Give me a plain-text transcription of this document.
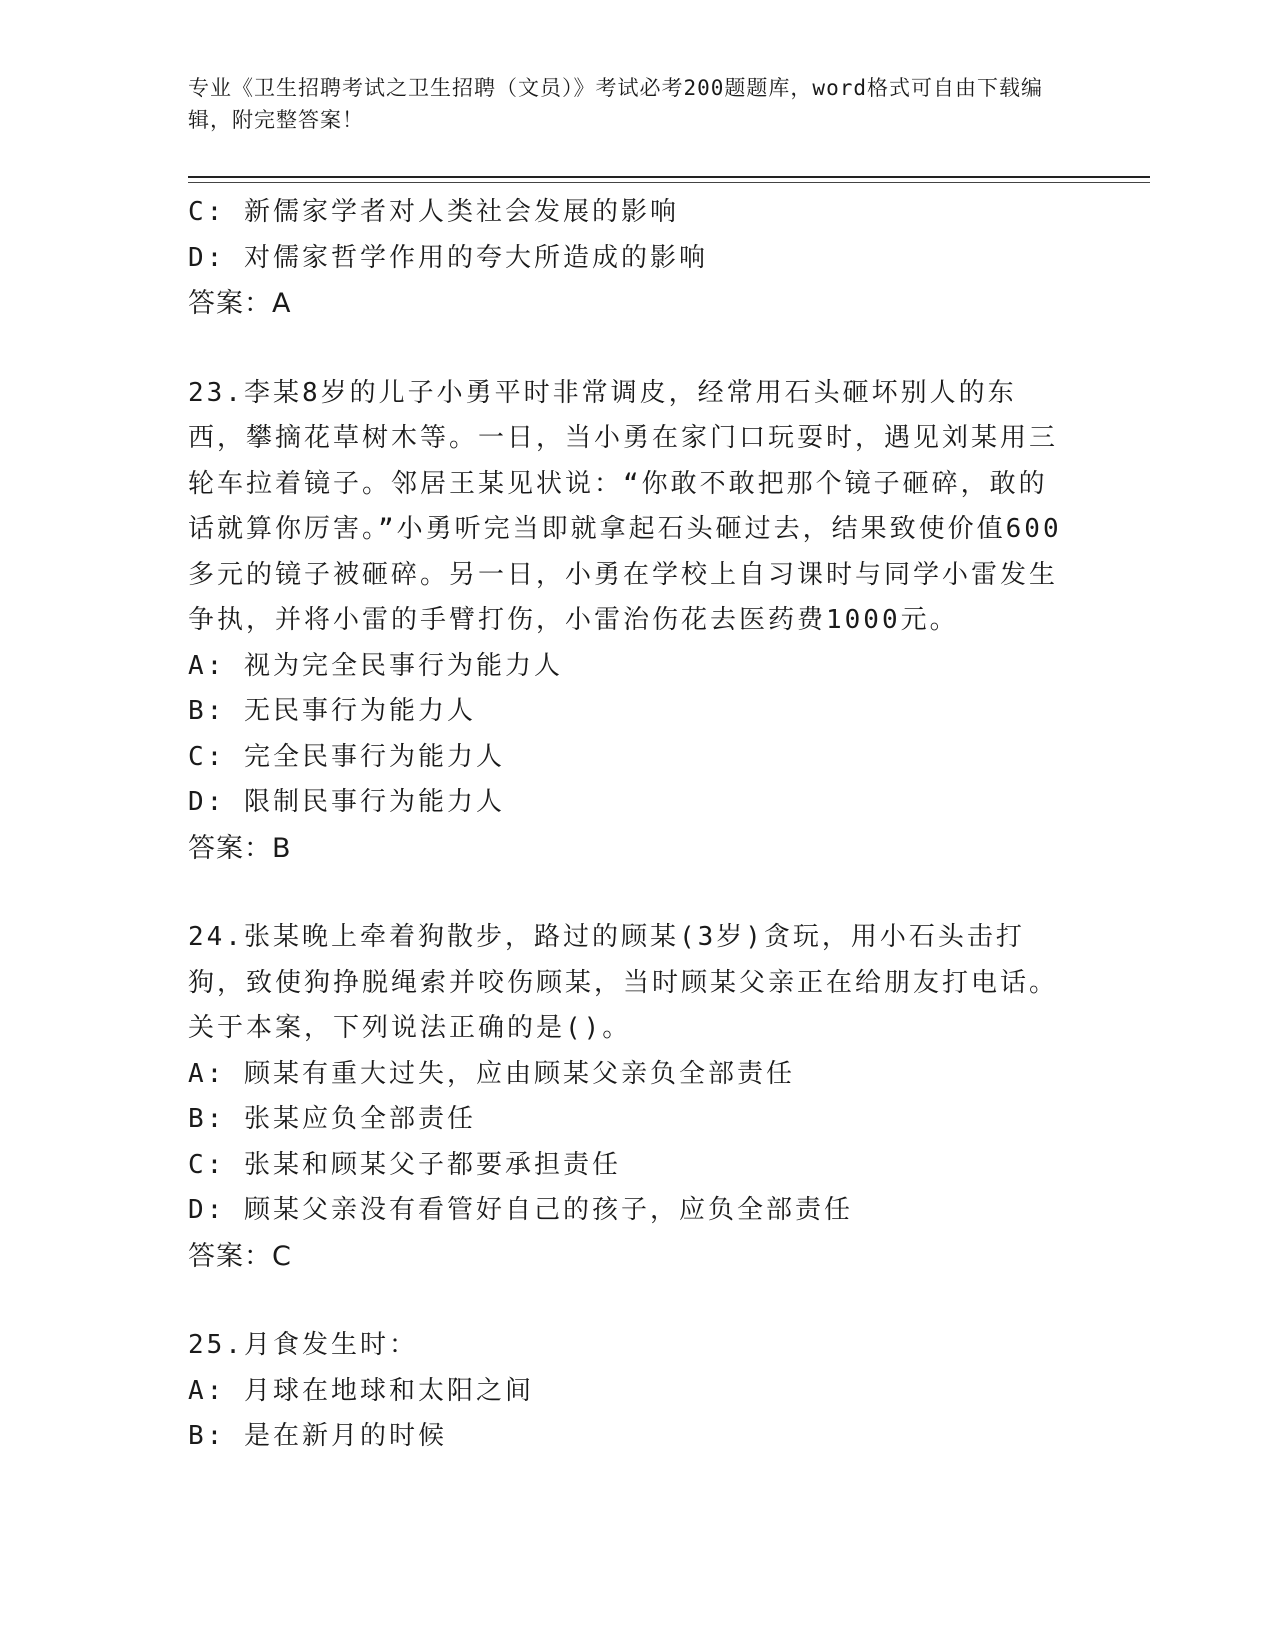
专业《卫生招聘考试之卫生招聘（文员）》考试必考200题题库，word格式可自由下载编辑，附完整答案！
C: 新儒家学者对人类社会发展的影响
D: 对儒家哲学作用的夸大所造成的影响
答案：A
23.李某8岁的儿子小勇平时非常调皮，经常用石头砸坏别人的东西，攀摘花草树木等。一日，当小勇在家门口玩耍时，遇见刘某用三轮车拉着镜子。邻居王某见状说：“你敢不敢把那个镜子砸碎，敢的话就算你厉害。”小勇听完当即就拿起石头砸过去，结果致使价值600多元的镜子被砸碎。另一日，小勇在学校上自习课时与同学小雷发生争执，并将小雷的手臂打伤，小雷治伤花去医药费1000元。
A: 视为完全民事行为能力人
B: 无民事行为能力人
C: 完全民事行为能力人
D: 限制民事行为能力人
答案：B
24.张某晚上牵着狗散步，路过的顾某(3岁)贪玩，用小石头击打狗，致使狗挣脱绳索并咬伤顾某，当时顾某父亲正在给朋友打电话。关于本案，下列说法正确的是()。
A: 顾某有重大过失，应由顾某父亲负全部责任
B: 张某应负全部责任
C: 张某和顾某父子都要承担责任
D: 顾某父亲没有看管好自己的孩子，应负全部责任
答案：C
25.月食发生时：
A: 月球在地球和太阳之间
B: 是在新月的时候
